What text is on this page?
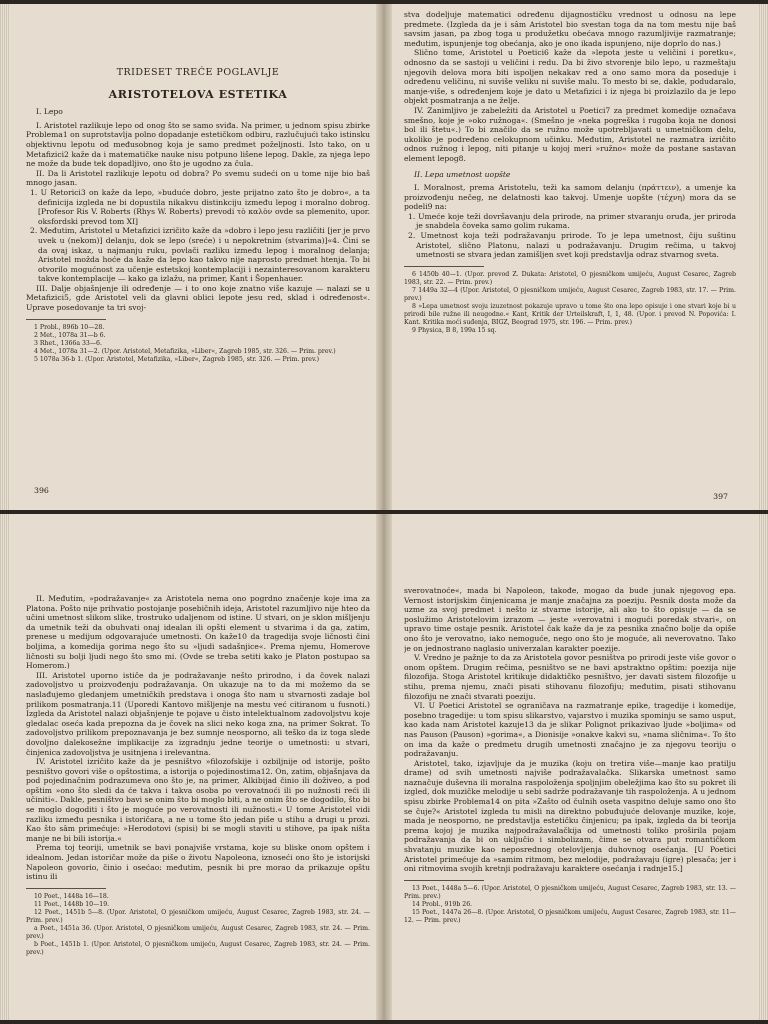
TRIDESET TREĆE POGLAVLJE
ARISTOTELOVA ESTETIKA
I. Lepo

I. Aristotel razlikuje lepo od onog što se samo sviđa. Na primer, u jednom spisu zbirke Problema1 on suprotstavlja polno dopadanje estetičkom odbiru, razlučujući tako istinsku objektivnu lepotu od međusobnog koja je samo predmet poželjnosti. Isto tako, on u Metafizici2 kaže da i matematičke nauke nisu potpuno lišene lepog. Dakle, za njega lepo ne može da bude tek dopadljivo, ono što je ugodno za čula.

II. Da li Aristotel razlikuje lepotu od dobra? Po svemu sudeći on u tome nije bio baš mnogo jasan.

1. U Retorici3 on kaže da lepo, »buduće dobro, jeste prijatno zato što je dobro«, a ta definicija izgleda ne bi dopustila nikakvu distinkciju između lepog i moralno dobrog. [Profesor Ris V. Roberts (Rhys W. Roberts) prevodi τὸ καλὸν ovde sa plemenito, upor. oksfordski prevod tom XI]

2. Međutim, Aristotel u Metafizici izričito kaže da »dobro i lepo jesu različiti [jer je prvo uvek u (nekom)] delanju, dok se lepo (sreće) i u nepokretnim (stvarima)]«4. Čini se da ovaj iskaz, u najmanju ruku, povlači razliku između lepog i moralnog delanja; Aristotel možda hoće da kaže da lepo kao takvo nije naprosto predmet htenja. To bi otvorilo mogućnost za učenje estetskoj kontemplaciji i nezainteresovanom karakteru takve kontemplacije — kako ga izlažu, na primer, Kant i Šopenhauer.

III. Dalje objašnjenje ili određenje — i to ono koje znatno više kazuje — nalazi se u Metafizici5, gde Aristotel veli da glavni oblici lepote jesu red, sklad i određenost«. Uprave posedovanje ta tri svoj-

1 Probl., 896b 10—28.

2 Met., 1078a 31—b 6.

3 Rhet., 1366a 33—6.

4 Met., 1078a 31—2. (Upor. Aristotel, Metafizika, »Liber«, Zagreb 1985, str. 326. — Prim. prev.)

5 1078a 36-b 1. (Upor. Aristotel, Metafizika, »Liber«, Zagreb 1985, str. 326. — Prim. prev.)

396

stva dodeljuje matematici određenu dijagnostičku vrednost u odnosu na lepe predmete. (Izgleda da je i sâm Aristotel bio svestan toga da na tom mestu nije baš savsim jasan, pa zbog toga u produžetku obećava mnogo razumljivije razmatranje; međutim, ispunjenje tog obećanja, ako je ono ikada ispunjeno, nije doprlo do nas.)

Slično tome, Aristotel u Poetici6 kaže da »lepota jeste u veličini i poretku«, odnosno da se sastoji u veličini i redu. Da bi živo stvorenje bilo lepo, u razmeštaju njegovih delova mora biti ispoljen nekakav red a ono samo mora da poseduje i određenu veličinu, ni suviše veliku ni suviše malu. To mesto bi se, dakle, podudaralo, manje-više, s određenjem koje je dato u Metafizici i iz njega bi proizlazilo da je lepo objekt posmatranja a ne želje.

IV. Zanimljivo je zabeležiti da Aristotel u Poetici7 za predmet komedije označava smešno, koje je »oko ružnoga«. (Smešno je »neka pogreška i rugoba koja ne donosi bol ili štetu«.) To bi značilo da se ružno može upotrebljavati u umetničkom delu, ukoliko je podređeno celokupnom učinku. Međutim, Aristotel ne razmatra izričito odnos ružnog i lepog, niti pitanje u kojoj meri »ružno« može da postane sastavan element lepog8.

II. Lepa umetnost uopšte

I. Moralnost, prema Aristotelu, teži ka samom delanju (πράττειν), a umenje ka proizvođenju nečeg, ne delatnosti kao takvoj. Umenje uopšte (τέχνη) mora da se podeli9 na:

1. Umeće koje teži dovršavanju dela prirode, na primer stvaranju oruđa, jer priroda je snabdela čoveka samo golim rukama.

2. Umetnost koja teži podražavanju prirode. To je lepa umetnost, čiju suštinu Aristotel, slično Platonu, nalazi u podražavanju. Drugim rečima, u takvoj umetnosti se stvara jedan zamišljen svet koji predstavlja odraz stvarnog sveta.

6 1450b 40—1. (Upor. prevod Z. Dukata: Aristotel, O pjesničkom umijeću, August Cesarec, Zagreb 1983, str. 22. — Prim. prev.)

7 1449a 32—4 (Upor. Aristotel, O pjesničkom umijeću, August Cesarec, Zagreb 1983, str. 17. — Prim. prev.)

8 »Lepa umetnost svoju izuzetnost pokazuje upravo u tome što ona lepo opisuje i one stvari koje bi u prirodi bile ružne ili neugodne.« Kant, Kritik der Urteilskraft, I, 1, 48. (Upor. i prevod N. Popovića: I. Kant. Kritika moći suđenja, BIGZ, Beograd 1975, str. 196. — Prim. prev.)

9 Physica, B 8, 199a 15 sq.

397

II. Međutim, »podražavanje« za Aristotela nema ono pogrdno značenje koje ima za Platona. Pošto nije prihvatio postojanje posebičnih ideja, Aristotel razumljivo nije hteo da učini umetnost slikom slike, trostruko udaljenom od istine. U stvari, on je sklon mišljenju da umetnik teži da obuhvati onaj idealan ili opšti element u stvarima i da ga, zatim, prenese u medijum odgovarajuće umetnosti. On kaže10 da tragedija svoje ličnosti čini boljima, a komedija gorima nego što su »ljudi sadašnjice«. Prema njemu, Homerove ličnosti su bolji ljudi nego što smo mi. (Ovde se treba setiti kako je Platon postupao sa Homerom.)

III. Aristotel uporno ističe da je podražavanje nešto prirodno, i da čovek nalazi zadovoljstvo u proizvođenju podražavanja. On ukazuje na to da mi možemo da se naslađujemo gledanjem umetničkih predstava i onoga što nam u stvarnosti zadaje bol prilikom posmatranja.11 (Uporedi Kantovo mišljenje na mestu već citiranom u fusnoti.) Izgleda da Aristotel nalazi objašnjenje te pojave u čisto intelektualnom zadovoljstvu koje gledalac oseća kada prepozna da je čovek na slici neko koga zna, na primer Sokrat. To zadovoljstvo prilikom prepoznavanja je bez sumnje neosporno, ali teško da iz toga slede dovoljno dalekosežne implikacije za izgradnju jedne teorije o umetnosti: u stvari, činjenica zadovoljstva je usitnjena i irelevantna.

IV. Aristotel izričito kaže da je pesništvo »filozofskije i ozbiljnije od istorije, pošto pesništvo govori više o opštostima, a istorija o pojedinostima12. On, zatim, objašnjava da pod pojedinačnim podrazumeva ono što je, na primer, Alkibijad činio ili doživeo, a pod opštim »ono što sledi da će takva i takva osoba po verovatnoći ili po nužnosti reći ili učiniti«. Dakle, pesništvo bavi se onim što bi moglo biti, a ne onim što se dogodilo, što bi se moglo dogoditi i što je moguće po verovatnosti ili nužnosti.« U tome Aristotel vidi razliku između pesnika i istoričara, a ne u tome što jedan piše u stihu a drugi u prozi. Kao što sâm primećuje: »Herodotovi (spisi) bi se mogli staviti u stihove, pa ipak ništa manje ne bi bili istorija.«

Prema toj teoriji, umetnik se bavi ponajviše vrstama, koje su bliske onom opštem i idealnom. Jedan istoričar može da piše o životu Napoleona, iznoseći ono što je istorijski Napoleon govorio, činio i osećao: međutim, pesnik bi pre morao da prikazuje opštu istinu ili

10 Poet., 1448a 16—18.

11 Poet., 1448b 10—19.

12 Poet., 1451b 5—8. (Upor. Aristotel, O pjesničkom umijeću, August Cesarec, Zagreb 1983, str. 24. — Prim. prev.)

a Poet., 1451a 36. (Upor. Aristotel, O pjesničkom umijeću, August Cesarec, Zagreb 1983, str. 24. — Prim. prev.)

b Poet., 1451b 1. (Upor. Aristotel, O pjesničkom umijeću, August Cesarec, Zagreb 1983, str. 24. — Prim. prev.)

sverovatnoće«, mada bi Napoleon, takođe, mogao da bude junak njegovog epa. Vernost istorijskim činjenicama je manje značajna za poeziju. Pesnik dosta može da uzme za svoj predmet i nešto iz stvarne istorije, ali ako to što opisuje — da se poslužimo Aristotelovim izrazom — jeste »verovatni i mogući poredak stvari«, on upravo time ostaje pesnik. Aristotel čak kaže da je za pesnika značno bolje da opiše ono što je verovatno, iako nemoguće, nego ono što je moguće, ali neverovatno. Tako je on jednostrano naglasio univerzalan karakter poezije.

V. Vredno je pažnje to da za Aristotela govor pesništva po prirodi jeste više govor o onom opštem. Drugim rečima, pesništvo se ne bavi apstraktno opštim: poezija nije filozofija. Stoga Aristotel kritikuje didaktičko pesništvo, jer davati sistem filozofije u stihu, prema njemu, znači pisati stihovanu filozofiju; međutim, pisati stihovanu filozofiju ne znači stvarati poeziju.

VI. U Poetici Aristotel se ograničava na razmatranje epike, tragedije i komedije, posebno tragedije: u tom spisu slikarstvo, vajarstvo i muzika spominju se samo usput, kao kada nam Aristotel kazuje13 da je slikar Polignot prikazivao ljude »boljima« od nas Pauson (Pauson) »gorima«, a Dionisije »onakve kakvi su, »nama sličnima«. To što on ima da kaže o predmetu drugih umetnosti značajno je za njegovu teoriju o podražavanju.

Aristotel, tako, izjavljuje da je muzika (koju on tretira više—manje kao pratilju drame) od svih umetnosti najviše podražavalačka. Slikarska umetnost samo naznačuje duševna ili moralna raspoloženja spoljnjim obeležjima kao što su pokret ili izgled, dok muzičke melodije u sebi sadrže podražavanje tih raspoloženja. A u jednom spisu zbirke Problema14 on pita »Zašto od čulnih oseta vaspitno deluje samo ono što se čuje?« Aristotel izgleda tu misli na direktno pobuđujuće delovanje muzike, koje, mada je neosporno, ne predstavlja estetičku činjenicu; pa ipak, izgleda da bi teorija prema kojoj je muzika najpodražavalačkija od umetnosti toliko proširila pojam podražavanja da bi on uključio i simbolizam, čime se otvara put romantičkom shvatanju muzike kao neposrednog otelovljenja duhovnog osećanja. [U Poetici Aristotel primećuje da »samim ritmom, bez melodije, podražavaju (igre) plesača; jer i oni ritmovima svojih kretnji podražavaju karaktere osećanja i radnje15.]

13 Poet., 1448a 5—6. (Upor. Aristotel, O pjesničkom umijeću, August Cesarec, Zagreb 1983, str. 13. — Prim. prev.)

14 Probl., 919b 26.

15 Poet., 1447a 26—8. (Upor. Aristotel, O pjesničkom umijeću, August Cesarec, Zagreb 1983, str. 11—12. — Prim. prev.)
